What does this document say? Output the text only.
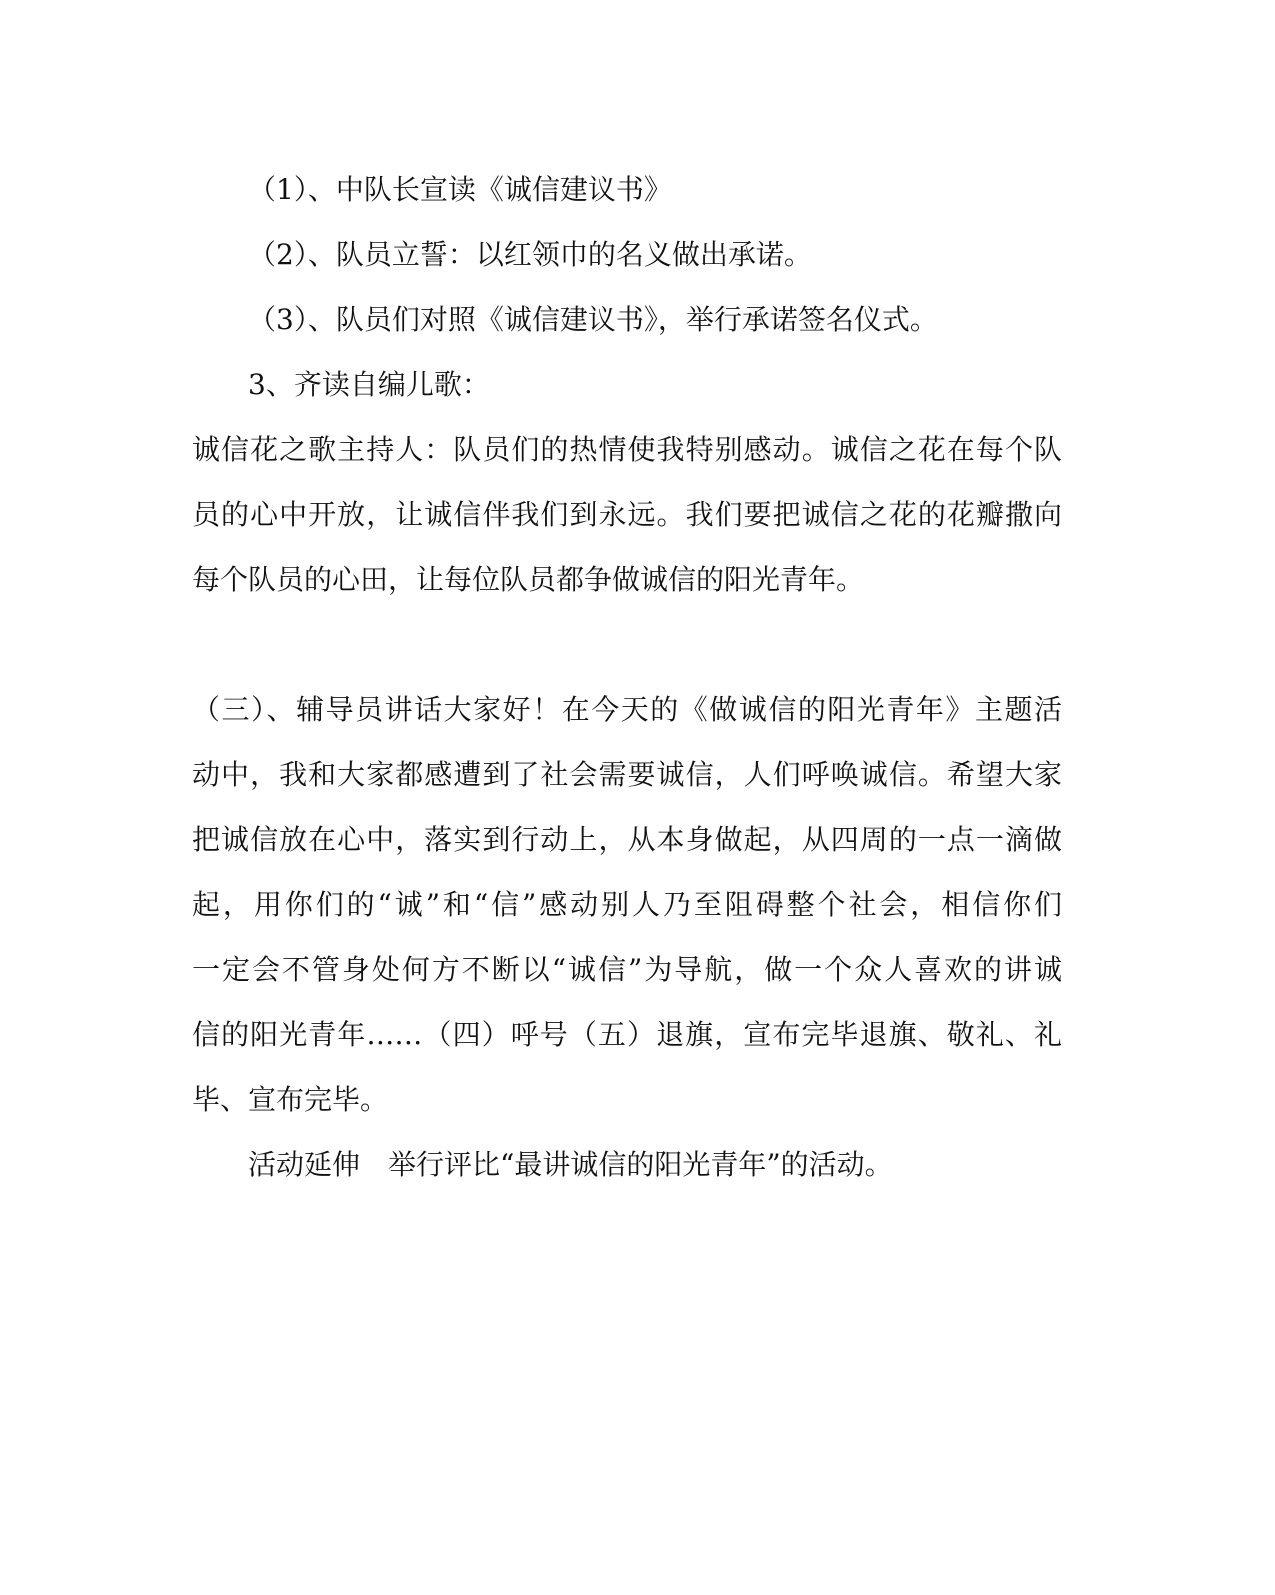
（1）、中队长宣读《诚信建议书》
（2）、队员立誓：以红领巾的名义做出承诺。
（3）、队员们对照《诚信建议书》，举行承诺签名仪式。
3、齐读自编儿歌：
诚信花之歌主持人：队员们的热情使我特别感动。诚信之花在每个队
员的心中开放，让诚信伴我们到永远。我们要把诚信之花的花瓣撒向
每个队员的心田，让每位队员都争做诚信的阳光青年。
（三）、辅导员讲话大家好！在今天的《做诚信的阳光青年》主题活
动中，我和大家都感遭到了社会需要诚信，人们呼唤诚信。希望大家
把诚信放在心中，落实到行动上，从本身做起，从四周的一点一滴做
起，用你们的“诚”和“信”感动别人乃至阻碍整个社会，相信你们
一定会不管身处何方不断以“诚信”为导航，做一个众人喜欢的讲诚
信的阳光青年……（四）呼号（五）退旗，宣布完毕退旗、敬礼、礼
毕、宣布完毕。
活动延伸　举行评比“最讲诚信的阳光青年”的活动。
